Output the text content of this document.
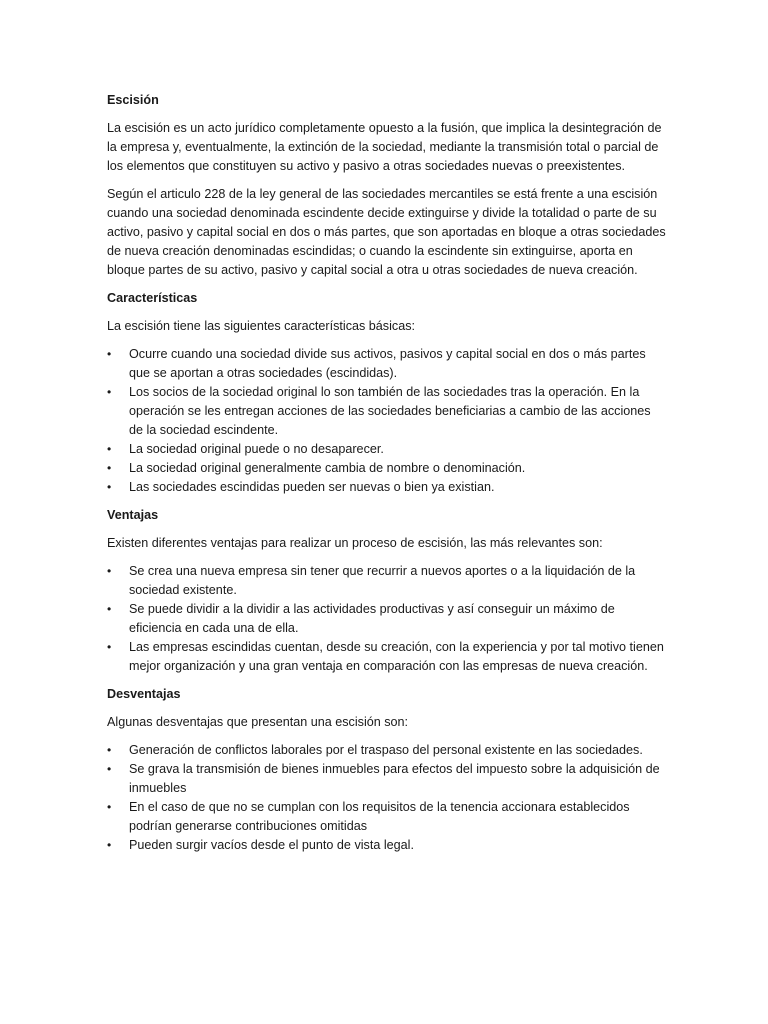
Escisión

La escisión es un acto jurídico completamente opuesto a la fusión, que implica la desintegración de la empresa y, eventualmente, la extinción de la sociedad, mediante la transmisión total o parcial de los elementos que constituyen su activo y pasivo a otras sociedades nuevas o preexistentes.

Según el articulo 228 de la ley general de las sociedades mercantiles se está frente a una escisión cuando una sociedad denominada escindente decide extinguirse y divide la totalidad o parte de su activo, pasivo y capital social en dos o más partes, que son aportadas en bloque a otras sociedades de nueva creación denominadas escindidas; o cuando la escindente sin extinguirse, aporta en bloque partes de su activo, pasivo y capital social a otra u otras sociedades de nueva creación.

Características

La escisión tiene las siguientes características básicas:

• Ocurre cuando una sociedad divide sus activos, pasivos y capital social en dos o más partes que se aportan a otras sociedades (escindidas).
• Los socios de la sociedad original lo son también de las sociedades tras la operación. En la operación se les entregan acciones de las sociedades beneficiarias a cambio de las acciones de la sociedad escindente.
• La sociedad original puede o no desaparecer.
• La sociedad original generalmente cambia de nombre o denominación.
• Las sociedades escindidas pueden ser nuevas o bien ya existian.
Ventajas

Existen diferentes ventajas para realizar un proceso de escisión, las más relevantes son:

• Se crea una nueva empresa sin tener que recurrir a nuevos aportes o a la liquidación de la sociedad existente.
• Se puede dividir a la dividir a las actividades productivas y así conseguir un máximo de eficiencia en cada una de ella.
• Las empresas escindidas cuentan, desde su creación, con la experiencia y por tal motivo tienen mejor organización y una gran ventaja en comparación con las empresas de nueva creación.
Desventajas

Algunas desventajas que presentan una escisión son:

• Generación de conflictos laborales por el traspaso del personal existente en las sociedades.
• Se grava la transmisión de bienes inmuebles para efectos del impuesto sobre la adquisición de inmuebles
• En el caso de que no se cumplan con los requisitos de la tenencia accionara establecidos podrían generarse contribuciones omitidas
• Pueden surgir vacíos desde el punto de vista legal.
